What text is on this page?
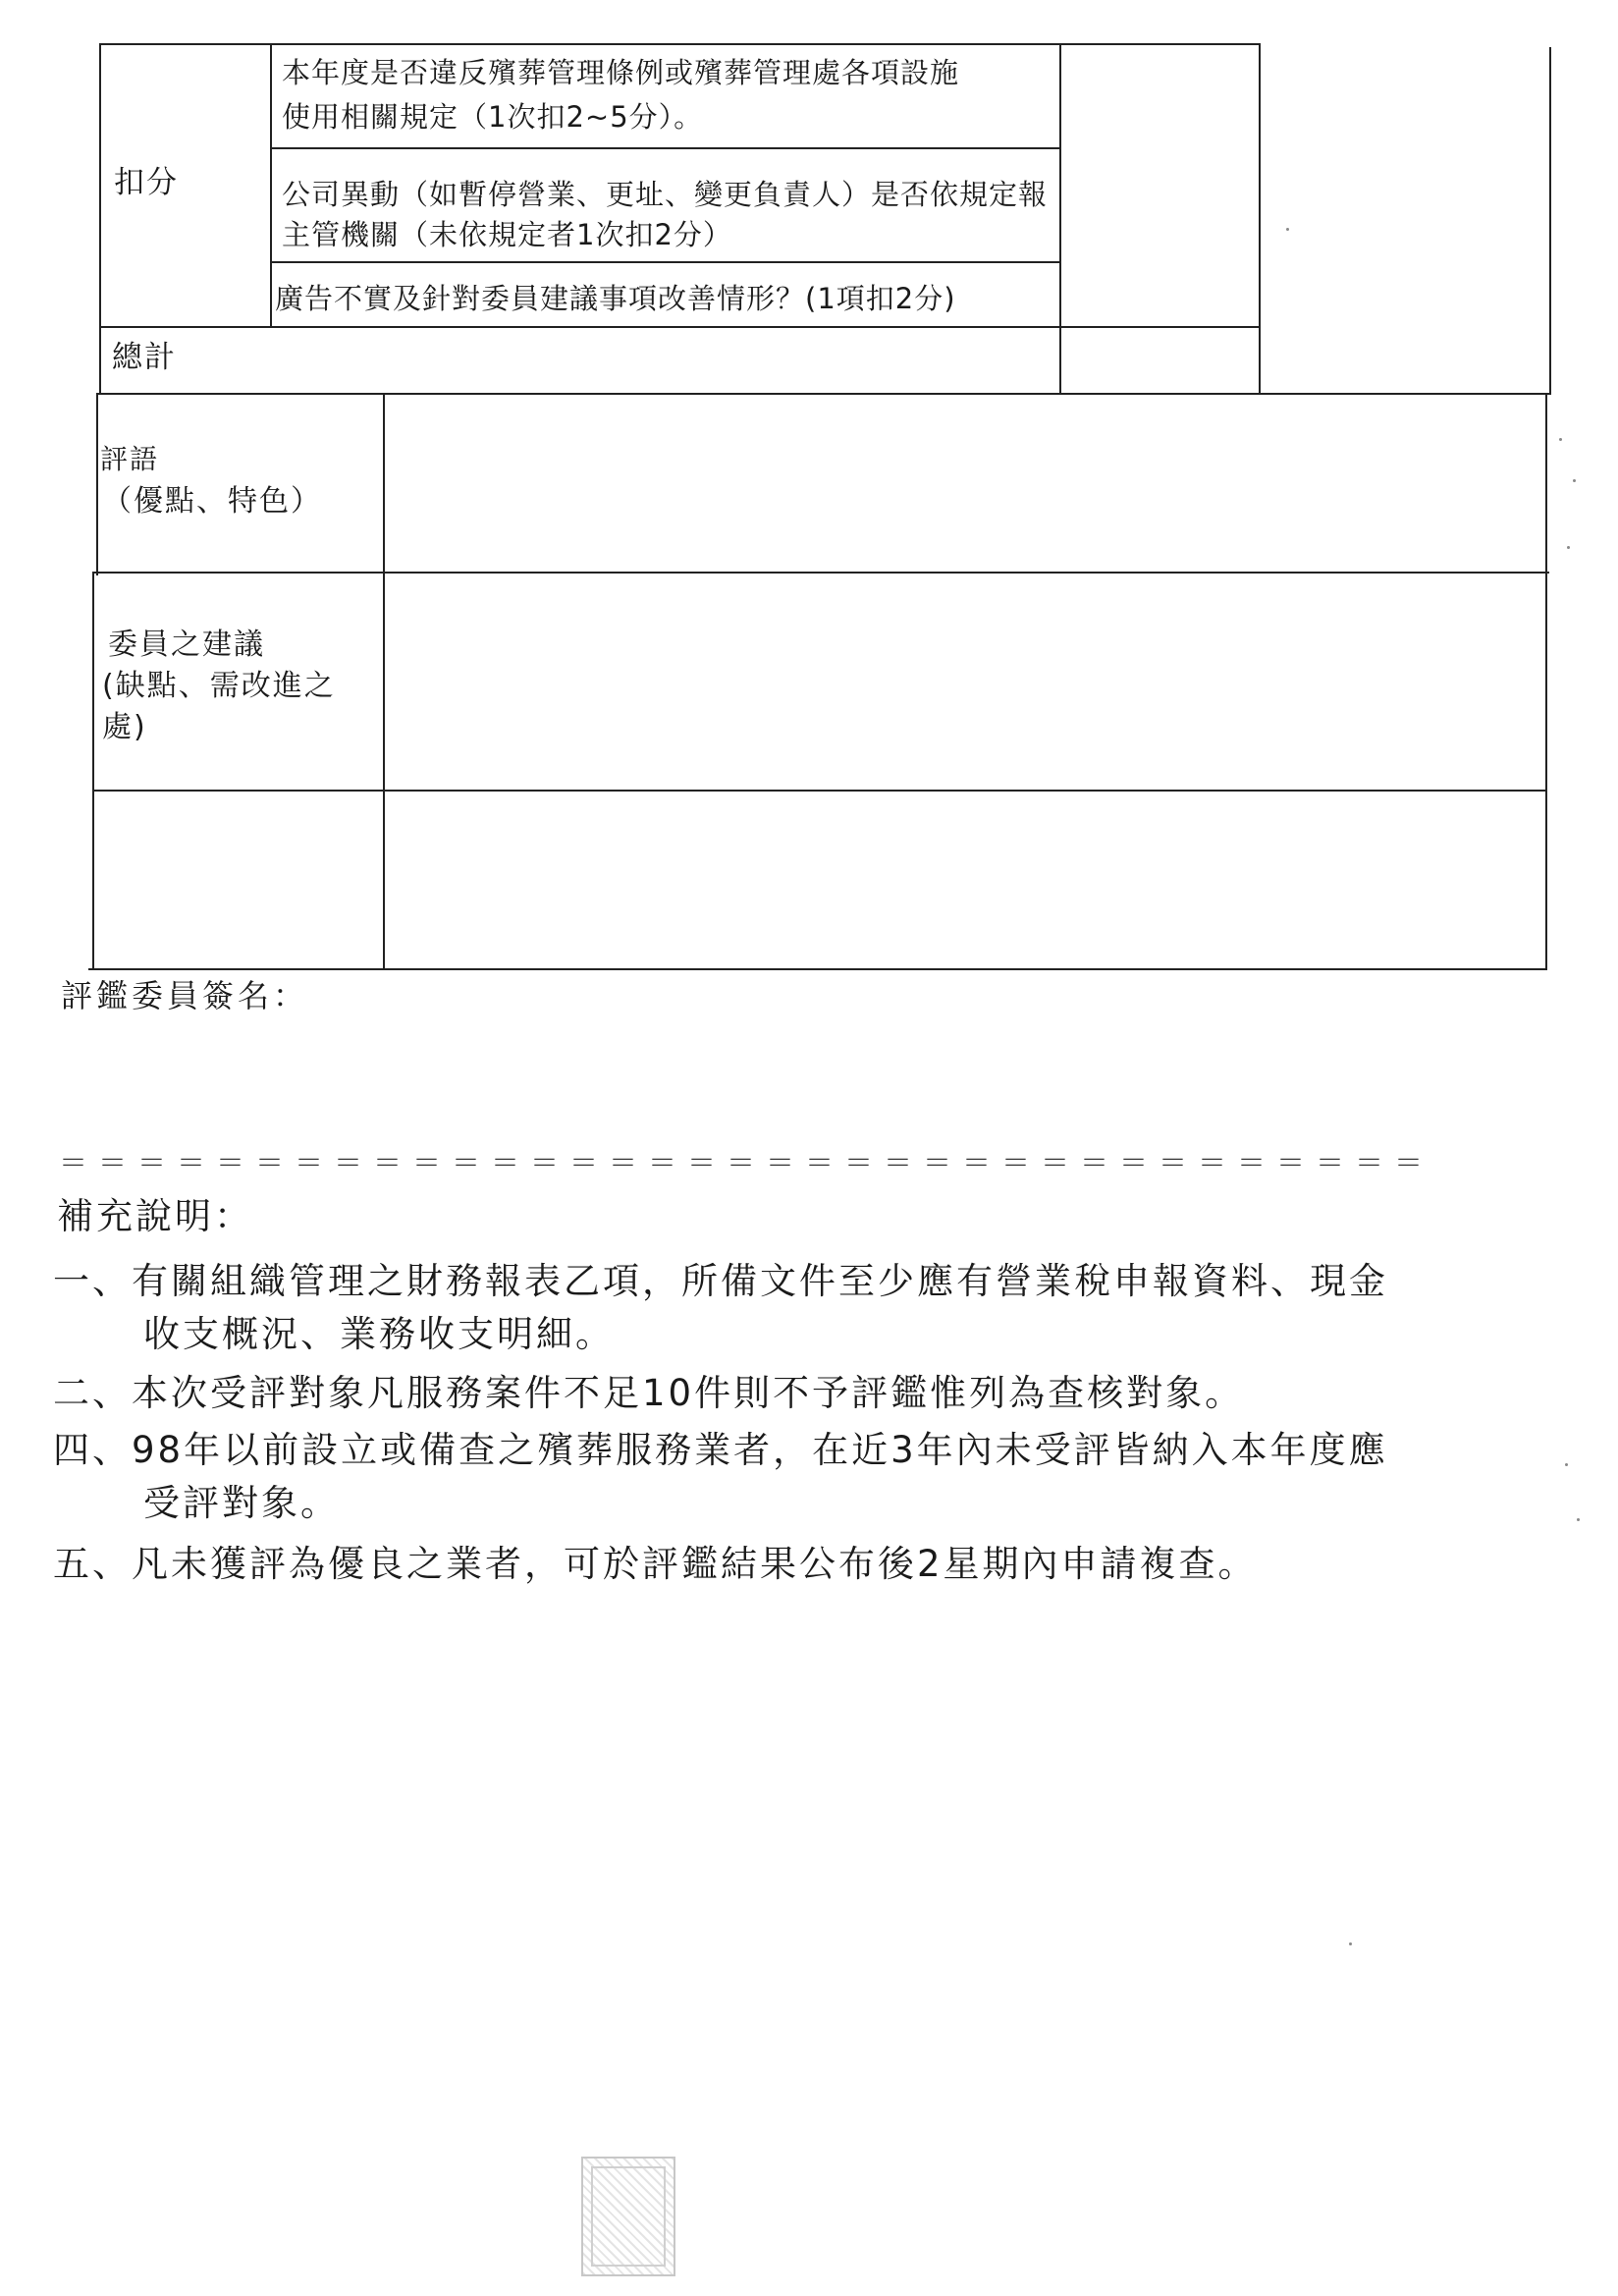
扣分
本年度是否違反殯葬管理條例或殯葬管理處各項設施
使用相關規定（1次扣2~5分）。
公司異動（如暫停營業、更址、變更負責人）是否依規定報
主管機關（未依規定者1次扣2分）
廣告不實及針對委員建議事項改善情形？(1項扣2分)
總計
評語
（優點、特色）
委員之建議
(缺點、需改進之
處)
評鑑委員簽名：
＝＝＝＝＝＝＝＝＝＝＝＝＝＝＝＝＝＝＝＝＝＝＝＝＝＝＝＝＝＝＝＝＝＝＝
補充說明：
一、有關組織管理之財務報表乙項，所備文件至少應有營業稅申報資料、現金
收支概況、業務收支明細。
二、本次受評對象凡服務案件不足10件則不予評鑑惟列為查核對象。
四、98年以前設立或備查之殯葬服務業者，在近3年內未受評皆納入本年度應
受評對象。
五、凡未獲評為優良之業者，可於評鑑結果公布後2星期內申請複查。
